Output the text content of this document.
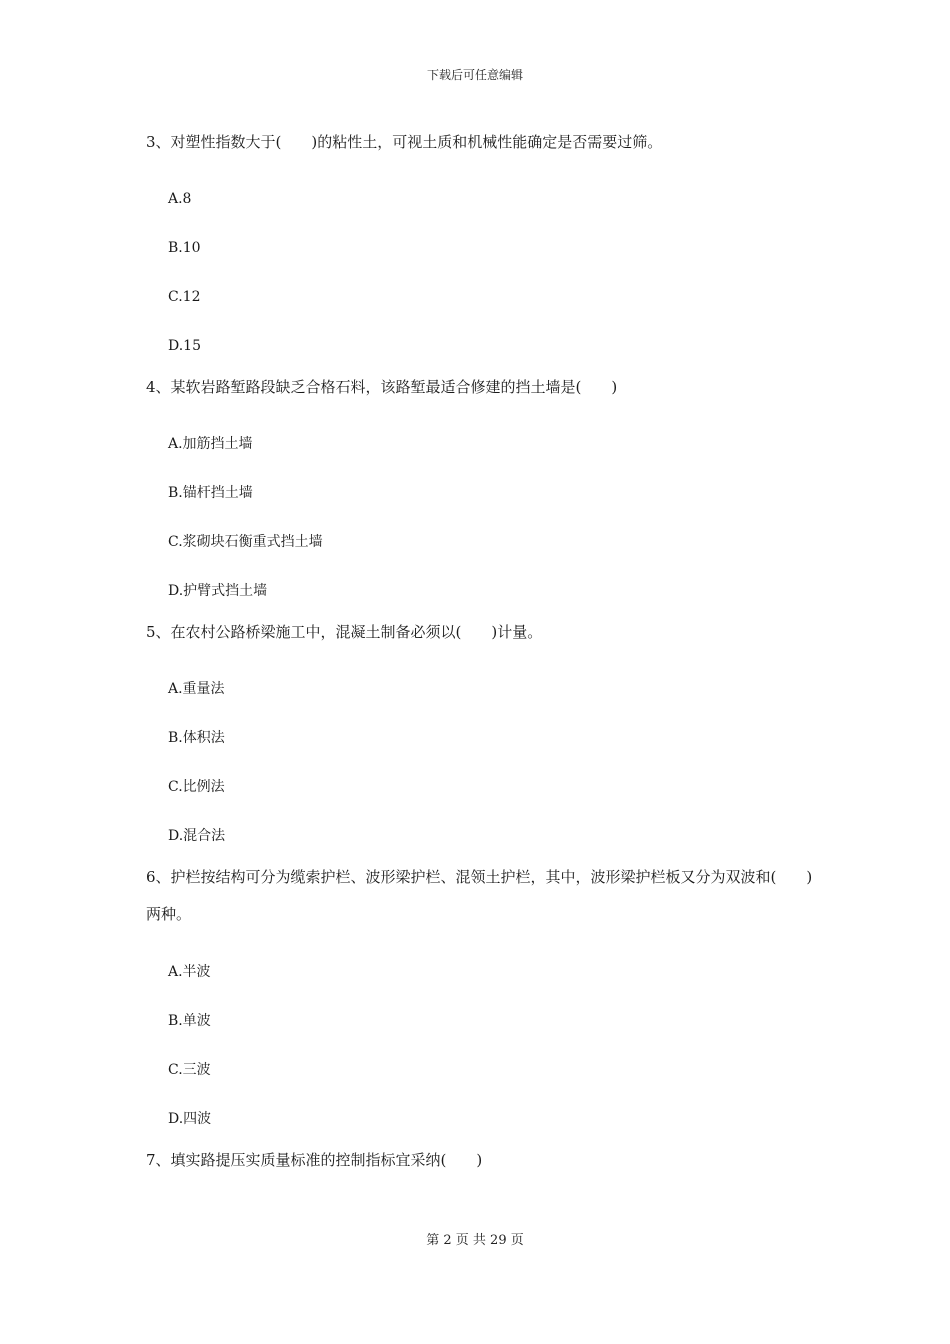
下载后可任意编辑
3、对塑性指数大于(　　)的粘性土，可视土质和机械性能确定是否需要过筛。
A.8
B.10
C.12
D.15
4、某软岩路堑路段缺乏合格石料，该路堑最适合修建的挡土墙是(　　)
A.加筋挡土墙
B.锚杆挡土墙
C.浆砌块石衡重式挡土墙
D.护臂式挡土墙
5、在农村公路桥梁施工中，混凝土制备必须以(　　)计量。
A.重量法
B.体积法
C.比例法
D.混合法
6、护栏按结构可分为缆索护栏、波形梁护栏、混领土护栏，其中，波形梁护栏板又分为双波和(　　)两种。
A.半波
B.单波
C.三波
D.四波
7、填实路提压实质量标准的控制指标宜采纳(　　)
第 2 页 共 29 页
